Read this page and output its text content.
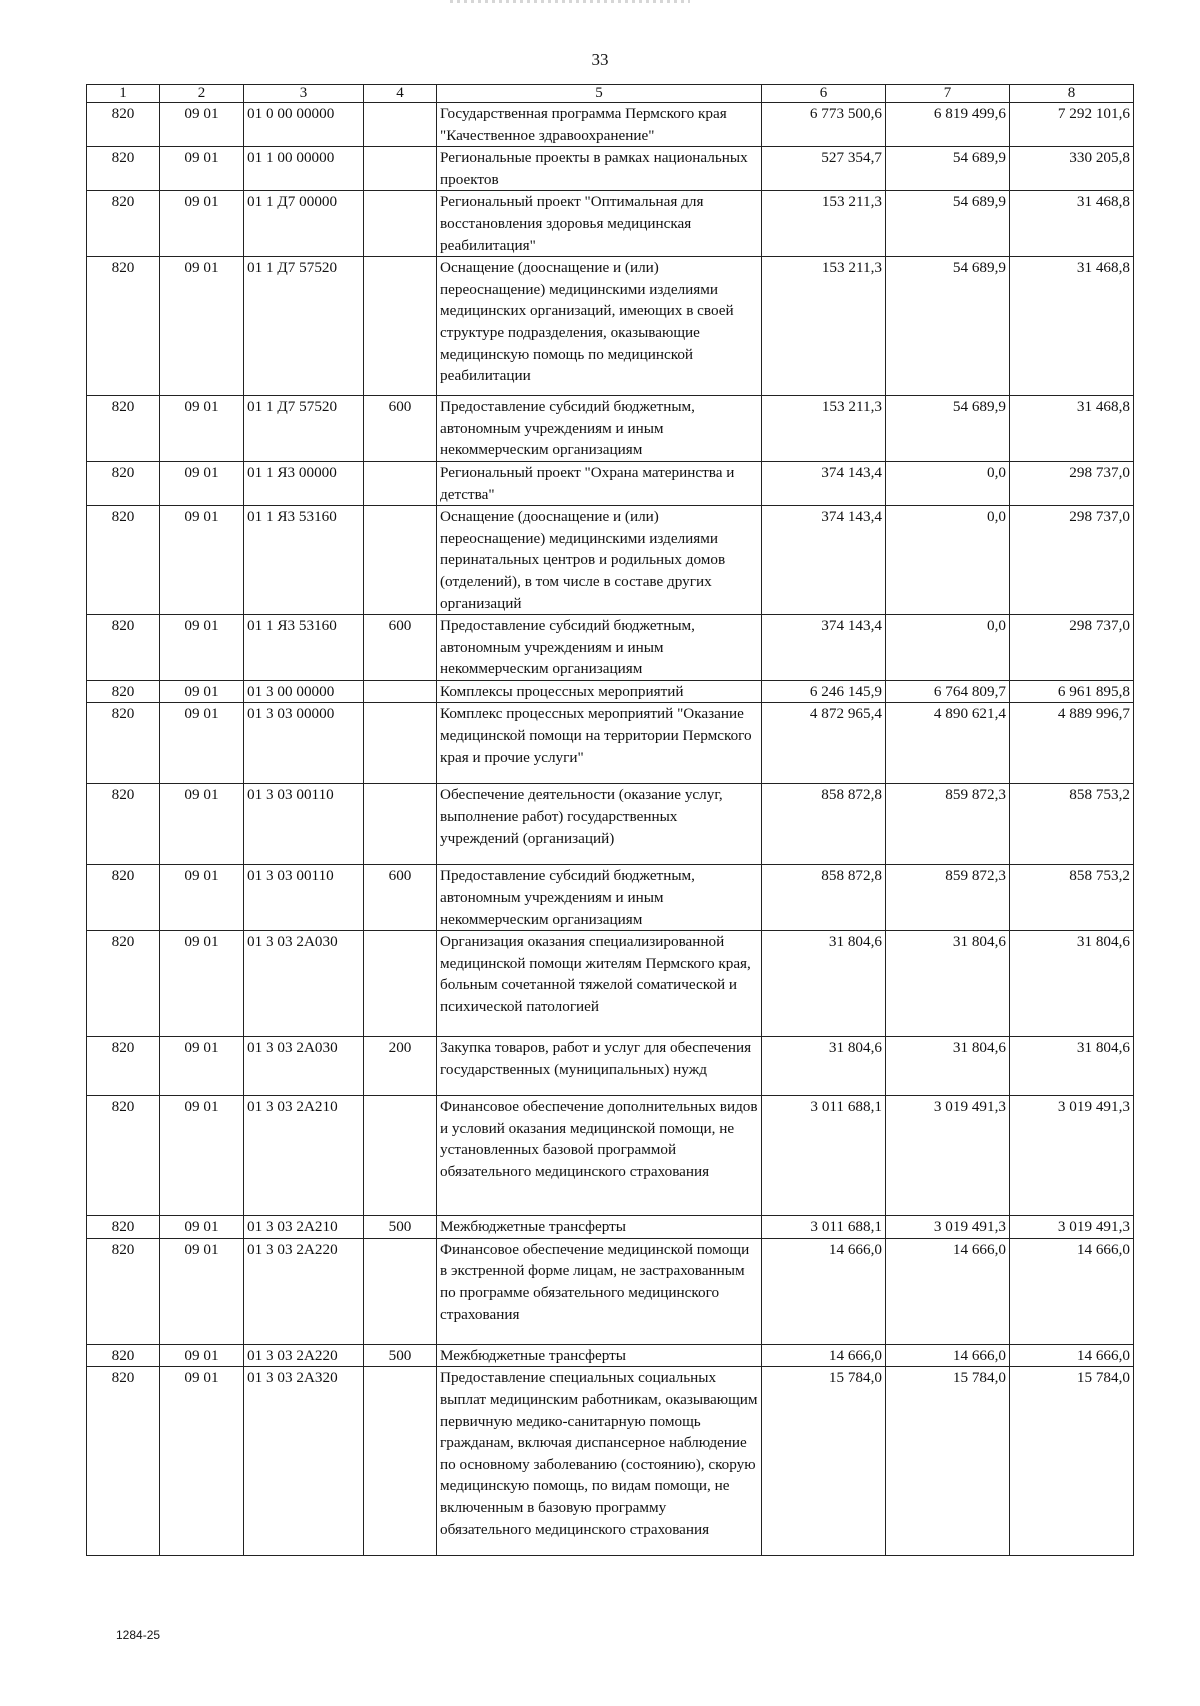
33
1	2	3	4	5	6	7	8
820	09 01	01 0 00 00000		Государственная программа Пермского края "Качественное здравоохранение"	6 773 500,6	6 819 499,6	7 292 101,6
820	09 01	01 1 00 00000		Региональные проекты в рамках национальных проектов	527 354,7	54 689,9	330 205,8
820	09 01	01 1 Д7 00000		Региональный проект "Оптимальная для восстановления здоровья медицинская реабилитация"	153 211,3	54 689,9	31 468,8
820	09 01	01 1 Д7 57520		Оснащение (дооснащение и (или) переоснащение) медицинскими изделиями медицинских организаций, имеющих в своей структуре подразделения, оказывающие медицинскую помощь по медицинской реабилитации	153 211,3	54 689,9	31 468,8
820	09 01	01 1 Д7 57520	600	Предоставление субсидий бюджетным, автономным учреждениям и иным некоммерческим организациям	153 211,3	54 689,9	31 468,8
820	09 01	01 1 Я3 00000		Региональный проект "Охрана материнства и детства"	374 143,4	0,0	298 737,0
820	09 01	01 1 Я3 53160		Оснащение (дооснащение и (или) переоснащение) медицинскими изделиями перинатальных центров и родильных домов (отделений), в том числе в составе других организаций	374 143,4	0,0	298 737,0
820	09 01	01 1 Я3 53160	600	Предоставление субсидий бюджетным, автономным учреждениям и иным некоммерческим организациям	374 143,4	0,0	298 737,0
820	09 01	01 3 00 00000		Комплексы процессных мероприятий	6 246 145,9	6 764 809,7	6 961 895,8
820	09 01	01 3 03 00000		Комплекс процессных мероприятий "Оказание медицинской помощи на территории Пермского края и прочие услуги"	4 872 965,4	4 890 621,4	4 889 996,7
820	09 01	01 3 03 00110		Обеспечение деятельности (оказание услуг, выполнение работ) государственных учреждений (организаций)	858 872,8	859 872,3	858 753,2
820	09 01	01 3 03 00110	600	Предоставление субсидий бюджетным, автономным учреждениям и иным некоммерческим организациям	858 872,8	859 872,3	858 753,2
820	09 01	01 3 03 2А030		Организация оказания специализированной медицинской помощи жителям Пермского края, больным сочетанной тяжелой соматической и психической патологией	31 804,6	31 804,6	31 804,6
820	09 01	01 3 03 2А030	200	Закупка товаров, работ и услуг для обеспечения государственных (муниципальных) нужд	31 804,6	31 804,6	31 804,6
820	09 01	01 3 03 2А210		Финансовое обеспечение дополнительных видов и условий оказания медицинской помощи, не установленных базовой программой обязательного медицинского страхования	3 011 688,1	3 019 491,3	3 019 491,3
820	09 01	01 3 03 2А210	500	Межбюджетные трансферты	3 011 688,1	3 019 491,3	3 019 491,3
820	09 01	01 3 03 2А220		Финансовое обеспечение медицинской помощи в экстренной форме лицам, не застрахованным по программе обязательного медицинского страхования	14 666,0	14 666,0	14 666,0
820	09 01	01 3 03 2А220	500	Межбюджетные трансферты	14 666,0	14 666,0	14 666,0
820	09 01	01 3 03 2А320		Предоставление специальных социальных выплат медицинским работникам, оказывающим первичную медико-санитарную помощь гражданам, включая диспансерное наблюдение по основному заболеванию (состоянию), скорую медицинскую помощь, по видам помощи, не включенным в базовую программу обязательного медицинского страхования	15 784,0	15 784,0	15 784,0
1284-25
